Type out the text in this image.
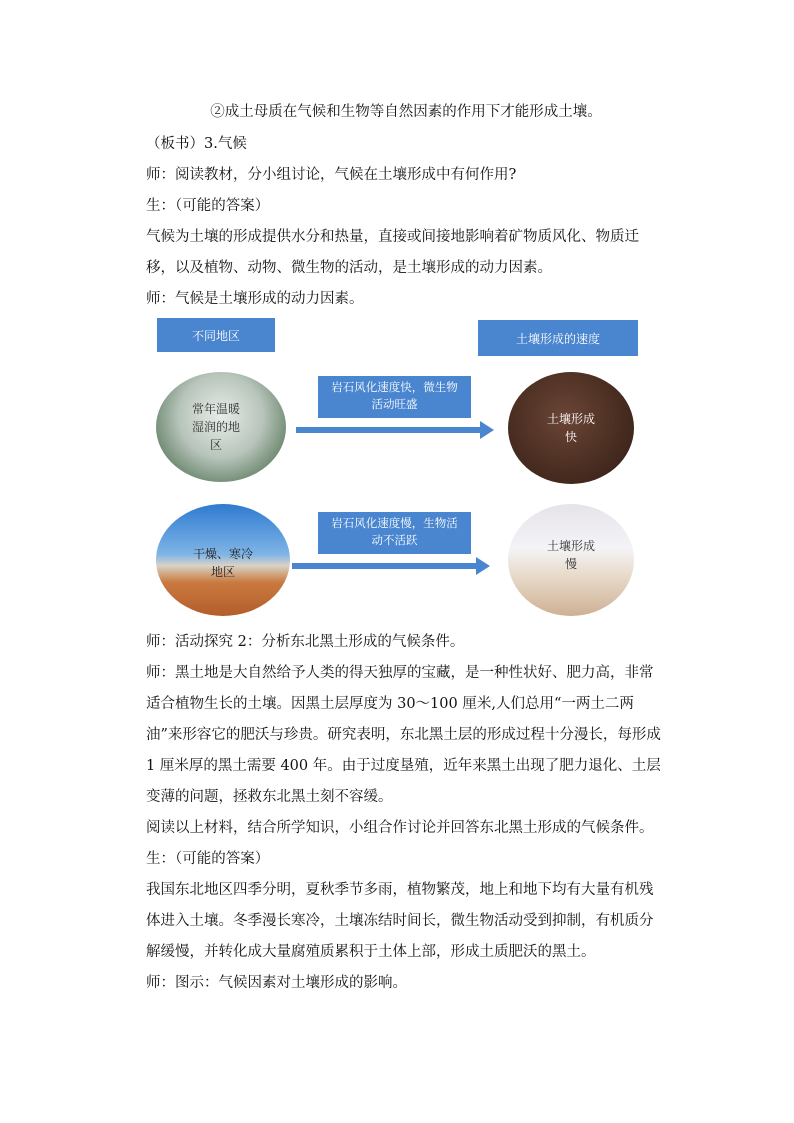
②成土母质在气候和生物等自然因素的作用下才能形成土壤。
（板书）3.气候
师：阅读教材，分小组讨论，气候在土壤形成中有何作用?
生：（可能的答案）
气候为土壤的形成提供水分和热量，直接或间接地影响着矿物质风化、物质迁移，以及植物、动物、微生物的活动，是土壤形成的动力因素。
师：气候是土壤形成的动力因素。
不同地区	土壤形成的速度
常年温暖
湿润的地
区
岩石风化速度快，微生物
活动旺盛
土壤形成
快
干燥、寒冷
地区
岩石风化速度慢，生物活
动不活跃	土壤形成
慢
师：活动探究 2：分析东北黑土形成的气候条件。
师：黑土地是大自然给予人类的得天独厚的宝藏，是一种性状好、肥力高，非常适合植物生长的土壤。因黑土层厚度为 30～100 厘米,人们总用“一两土二两油”来形容它的肥沃与珍贵。研究表明，东北黑土层的形成过程十分漫长，每形成 1 厘米厚的黑土需要 400 年。由于过度垦殖，近年来黑土出现了肥力退化、土层变薄的问题，拯救东北黑土刻不容缓。
阅读以上材料，结合所学知识，小组合作讨论并回答东北黑土形成的气候条件。
生：（可能的答案）
我国东北地区四季分明，夏秋季节多雨，植物繁茂，地上和地下均有大量有机残体进入土壤。冬季漫长寒冷，土壤冻结时间长，微生物活动受到抑制，有机质分解缓慢，并转化成大量腐殖质累积于土体上部，形成土质肥沃的黑土。
师：图示：气候因素对土壤形成的影响。
